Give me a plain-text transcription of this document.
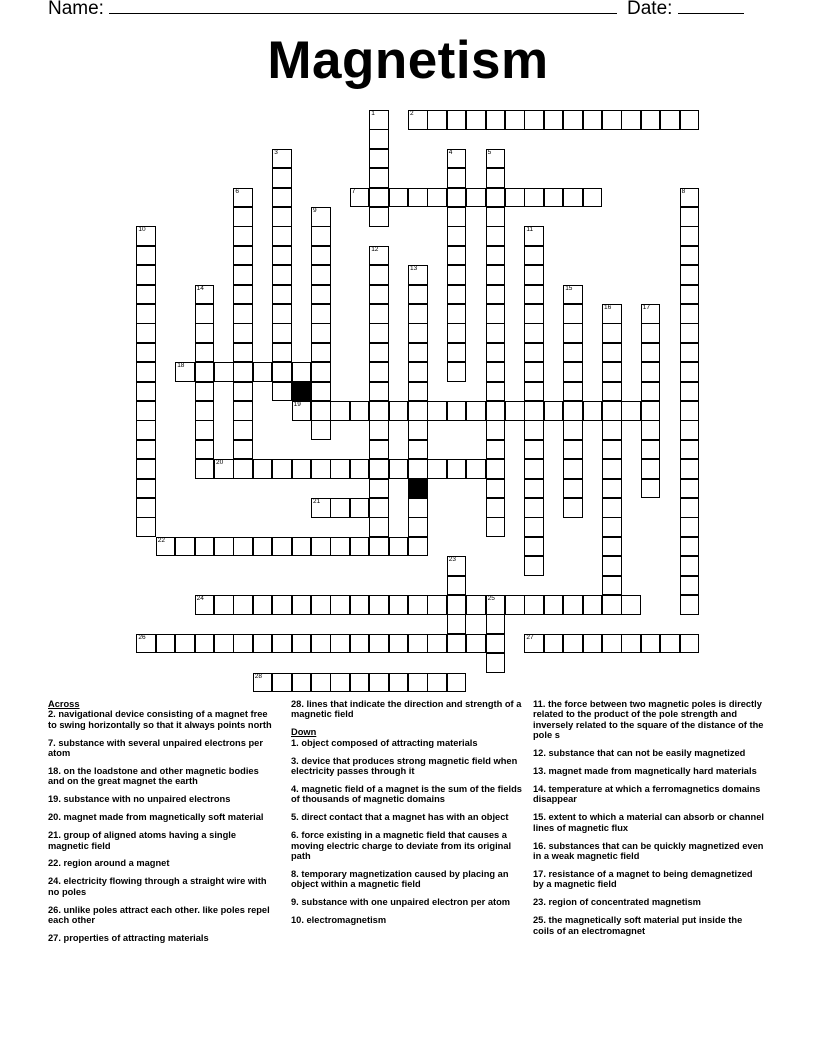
Name:	Date:
Magnetism
1	2
3	4	5
6	7	8
9
10	11
12
13
14	15
16	17
18
19
20
21
22
23
24	25
26	27
28
Across
2. navigational device consisting of a magnet free to swing horizontally so that it always points north
7. substance with several unpaired electrons per atom
18. on the loadstone and other magnetic bodies and on the great magnet the earth
19. substance with no unpaired electrons
20. magnet made from magnetically soft material
21. group of aligned atoms having a single magnetic field
22. region around a magnet
24. electricity flowing through a straight wire with no poles
26. unlike poles attract each other. like poles repel each other
27. properties of attracting materials
28. lines that indicate the direction and strength of a magnetic field
Down
1. object composed of attracting materials
3. device that produces strong magnetic field when electricity passes through it
4. magnetic field of a magnet is the sum of the fields of thousands of magnetic domains
5. direct contact that a magnet has with an object
6. force existing in a magnetic field that causes a moving electric charge to deviate from its original path
8. temporary magnetization caused by placing an object within a magnetic field
9. substance with one unpaired electron per atom
10. electromagnetism
11. the force between two magnetic poles is directly related to the product of the pole strength and inversely related to the square of the distance of the pole s
12. substance that can not be easily magnetized
13. magnet made from magnetically hard materials
14. temperature at which a ferromagnetics domains disappear
15. extent to which a material can absorb or channel lines of magnetic flux
16. substances that can be quickly magnetized even in a weak magnetic field
17. resistance of a magnet to being demagnetized by a magnetic field
23. region of concentrated magnetism
25. the magnetically soft material put inside the coils of an electromagnet
